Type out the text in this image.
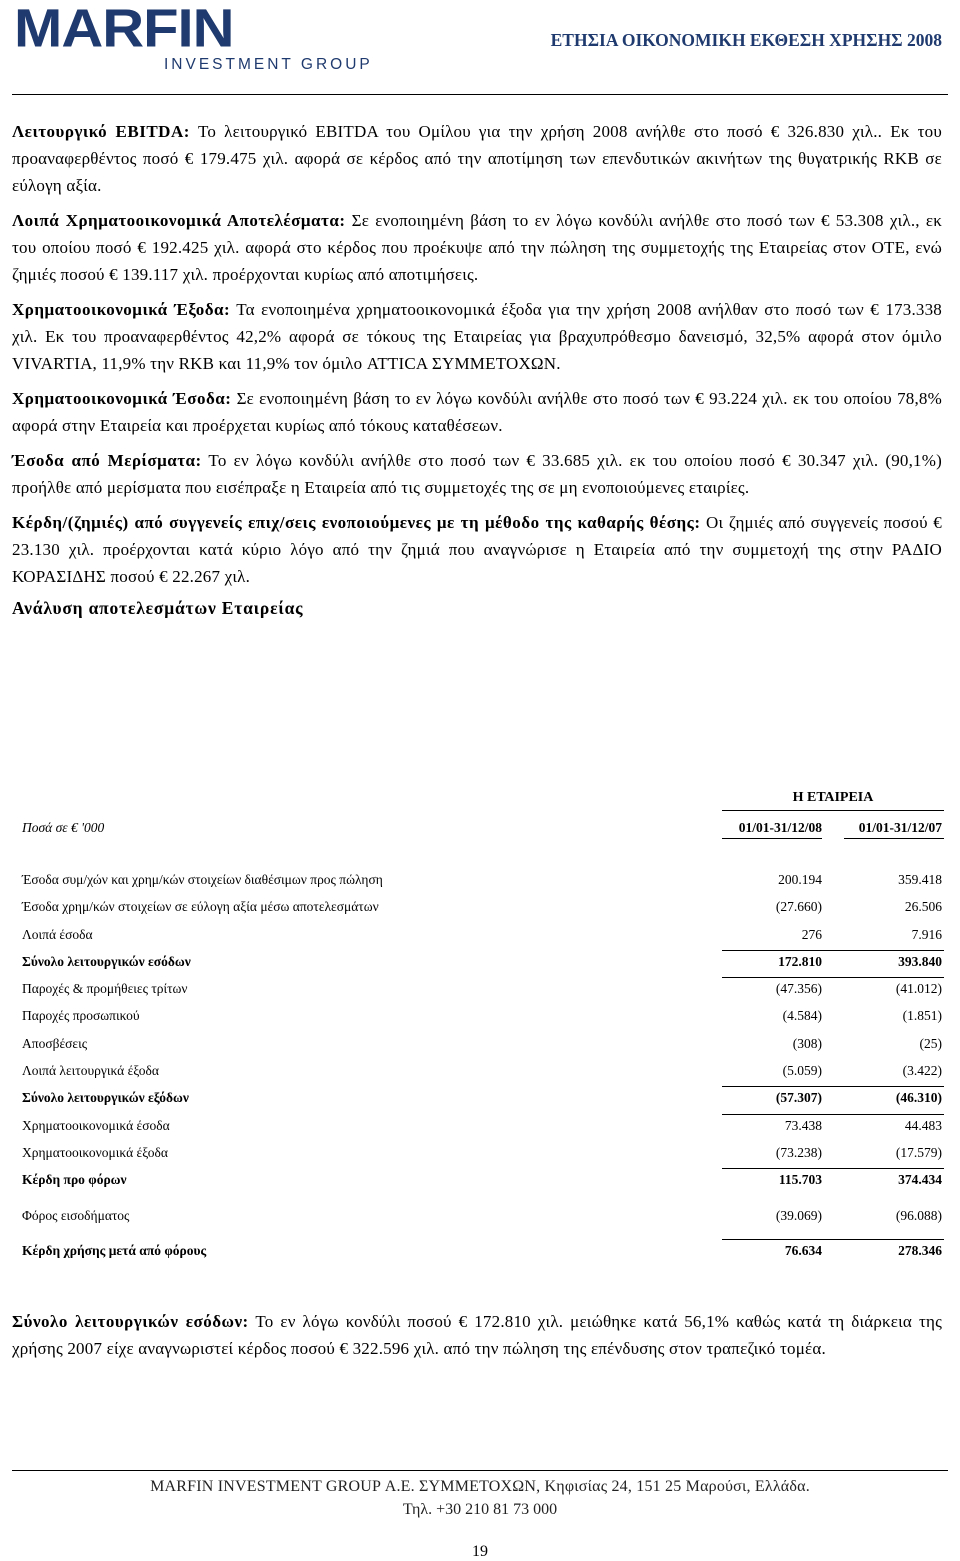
MARFIN
INVESTMENT GROUP
ΕΤΗΣΙΑ ΟΙΚΟΝΟΜΙΚΗ ΕΚΘΕΣΗ ΧΡΗΣΗΣ 2008

Λειτουργικό EBITDA: Το λειτουργικό EBITDA του Ομίλου για την χρήση 2008 ανήλθε στο ποσό € 326.830 χιλ.. Εκ του προαναφερθέντος ποσό € 179.475 χιλ. αφορά σε κέρδος από την αποτίμηση των επενδυτικών ακινήτων της θυγατρικής RKB σε εύλογη αξία.

Λοιπά Χρηματοοικονομικά Αποτελέσματα: Σε ενοποιημένη βάση το εν λόγω κονδύλι ανήλθε στο ποσό των € 53.308 χιλ., εκ του οποίου ποσό € 192.425 χιλ. αφορά στο κέρδος που προέκυψε από την πώληση της συμμετοχής της Εταιρείας στον ΟΤΕ, ενώ ζημιές ποσού € 139.117 χιλ. προέρχονται κυρίως από αποτιμήσεις.

Χρηματοοικονομικά Έξοδα: Τα ενοποιημένα χρηματοοικονομικά έξοδα για την χρήση 2008 ανήλθαν στο ποσό των € 173.338 χιλ. Εκ του προαναφερθέντος 42,2% αφορά σε τόκους της Εταιρείας για βραχυπρόθεσμο δανεισμό, 32,5% αφορά στον όμιλο VIVARTIA, 11,9% την RKB και 11,9% τον όμιλο ATTICA ΣΥΜΜΕΤΟΧΩΝ.

Χρηματοοικονομικά Έσοδα: Σε ενοποιημένη βάση το εν λόγω κονδύλι ανήλθε στο ποσό των € 93.224 χιλ. εκ του οποίου 78,8% αφορά στην Εταιρεία και προέρχεται κυρίως από τόκους καταθέσεων.

Έσοδα από Μερίσματα: Το εν λόγω κονδύλι ανήλθε στο ποσό των € 33.685 χιλ. εκ του οποίου ποσό € 30.347 χιλ. (90,1%) προήλθε από μερίσματα που εισέπραξε η Εταιρεία από τις συμμετοχές της σε μη ενοποιούμενες εταιρίες.

Κέρδη/(ζημιές) από συγγενείς επιχ/σεις ενοποιούμενες με τη μέθοδο της καθαρής θέσης: Οι ζημιές από συγγενείς ποσού € 23.130 χιλ. προέρχονται κατά κύριο λόγο από την ζημιά που αναγνώρισε η Εταιρεία από την συμμετοχή της στην ΡΑΔΙΟ ΚΟΡΑΣΙΔΗΣ ποσού € 22.267 χιλ.

Ανάλυση αποτελεσμάτων Εταιρείας
Η ΕΤΑΙΡΕΙΑ
Ποσά σε € '000	01/01-31/12/08	01/01-31/12/07
Έσοδα συμ/χών και χρημ/κών στοιχείων διαθέσιμων προς πώληση	200.194	359.418
Έσοδα χρημ/κών στοιχείων σε εύλογη αξία μέσω αποτελεσμάτων	(27.660)	26.506
Λοιπά έσοδα	276	7.916
Σύνολο λειτουργικών εσόδων	172.810	393.840
Παροχές & προμήθειες τρίτων	(47.356)	(41.012)
Παροχές προσωπικού	(4.584)	(1.851)
Αποσβέσεις	(308)	(25)
Λοιπά λειτουργικά έξοδα	(5.059)	(3.422)
Σύνολο λειτουργικών εξόδων	(57.307)	(46.310)
Χρηματοοικονομικά έσοδα	73.438	44.483
Χρηματοοικονομικά έξοδα	(73.238)	(17.579)
Κέρδη προ φόρων	115.703	374.434
Φόρος εισοδήματος	(39.069)	(96.088)
Κέρδη χρήσης μετά από φόρους	76.634	278.346

Σύνολο λειτουργικών εσόδων: Το εν λόγω κονδύλι ποσού € 172.810 χιλ. μειώθηκε κατά 56,1% καθώς κατά τη διάρκεια της χρήσης 2007 είχε αναγνωριστεί κέρδος ποσού € 322.596 χιλ. από την πώληση της επένδυσης στον τραπεζικό τομέα.

MARFIN INVESTMENT GROUP Α.Ε. ΣΥΜΜΕΤΟΧΩΝ, Κηφισίας 24, 151 25 Μαρούσι, Ελλάδα.
Τηλ. +30 210 81 73 000
19
